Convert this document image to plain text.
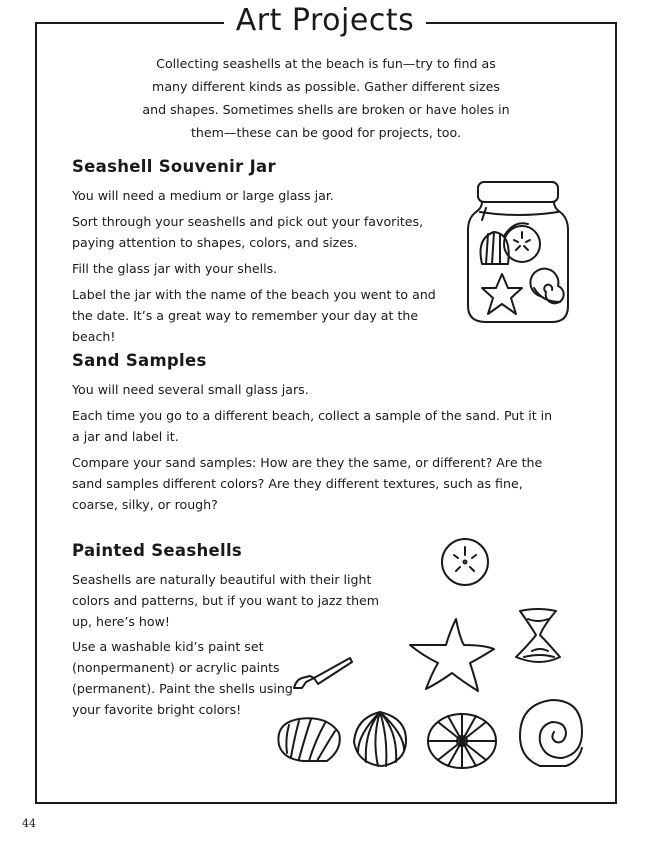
Art Projects
Collecting seashells at the beach is fun—try to find as many different kinds as possible. Gather different sizes and shapes. Sometimes shells are broken or have holes in them—these can be good for projects, too.
Seashell Souvenir Jar
You will need a medium or large glass jar.
Sort through your seashells and pick out your favorites, paying attention to shapes, colors, and sizes.
Fill the glass jar with your shells.
Label the jar with the name of the beach you went to and the date. It’s a great way to remember your day at the beach!
Sand Samples
You will need several small glass jars.
Each time you go to a different beach, collect a sample of the sand. Put it in a jar and label it.
Compare your sand samples: How are they the same, or different? Are the sand samples different colors? Are they different textures, such as fine, coarse, silky, or rough?
Painted Seashells
Seashells are naturally beautiful with their light colors and patterns, but if you want to jazz them up, here’s how!
Use a washable kid’s paint set (nonpermanent) or acrylic paints (permanent). Paint the shells using your favorite bright colors!
44
